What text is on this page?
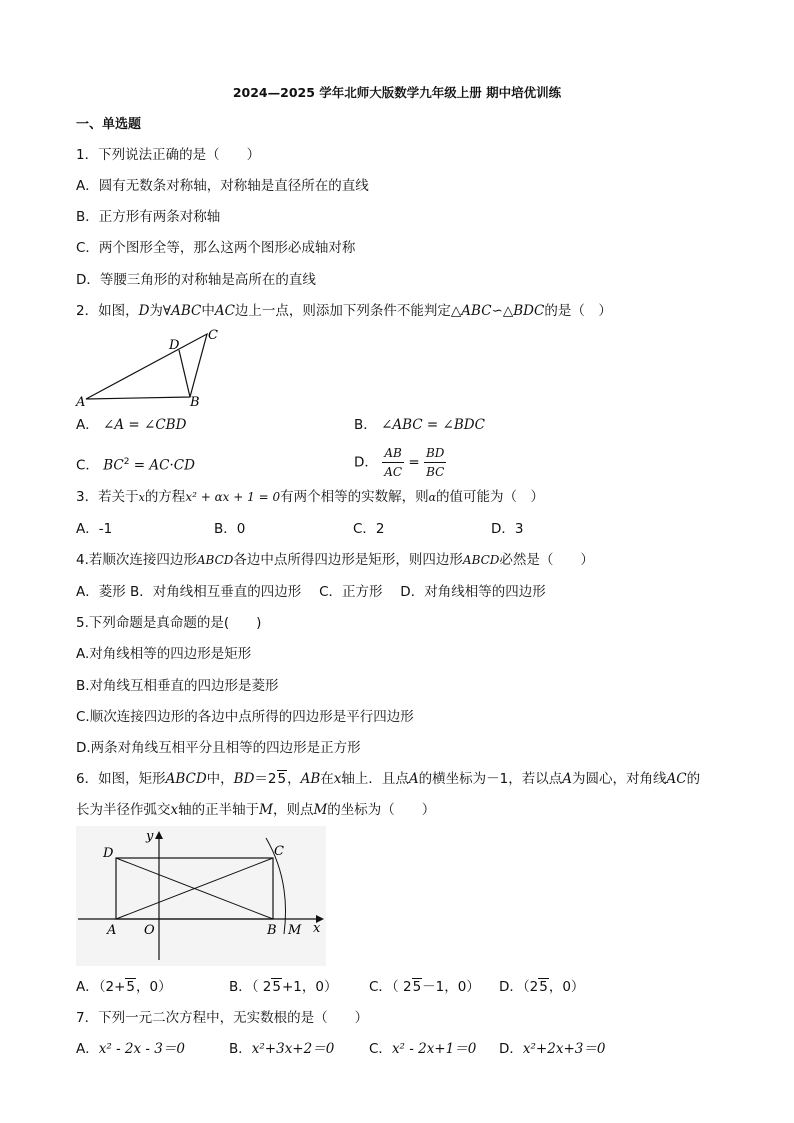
2024—2025 学年北师大版数学九年级上册 期中培优训练
一、单选题
1．下列说法正确的是（　　）
A．圆有无数条对称轴，对称轴是直径所在的直线
B．正方形有两条对称轴
C．两个图形全等，那么这两个图形必成轴对称
D．等腰三角形的对称轴是高所在的直线
2．如图，D为∀ABC中AC边上一点，则添加下列条件不能判定△ABC∽△BDC的是（　）
A	B
C
D
A． ∠A = ∠CBD	B． ∠ABC = ∠BDC
C． $BC^2 = AC\cdot CD$	D． $\frac{AB}{AC} = \frac{BD}{BC}$
3．若关于x的方程x² + αx + 1 = 0有两个相等的实数解，则α的值可能为（　）
A．-1	B．0	C．2	D．3
4.若顺次连接四边形ABCD各边中点所得四边形是矩形，则四边形ABCD必然是（　　）
A．菱形 B．对角线相互垂直的四边形　 C．正方形　 D．对角线相等的四边形
5.下列命题是真命题的是(　　)
A.对角线相等的四边形是矩形
B.对角线互相垂直的四边形是菱形
C.顺次连接四边形的各边中点所得的四边形是平行四边形
D.两条对角线互相平分且相等的四边形是正方形
6．如图，矩形ABCD中，BD＝25，AB在x轴上．且点A的横坐标为－1，若以点A为圆心，对角线AC的
长为半径作弧交x轴的正半轴于M，则点M的坐标为（　　）
D	C
A O	B M x
y
A．（2+5，0）	B．（ 25+1，0） C．（ 25－1，0） D．（25，0）
7．下列一元二次方程中，无实数根的是（　　）
A．x² - 2x - 3＝0	B．x²+3x+2＝0	C．x² - 2x+1＝0 D．x²+2x+3＝0
